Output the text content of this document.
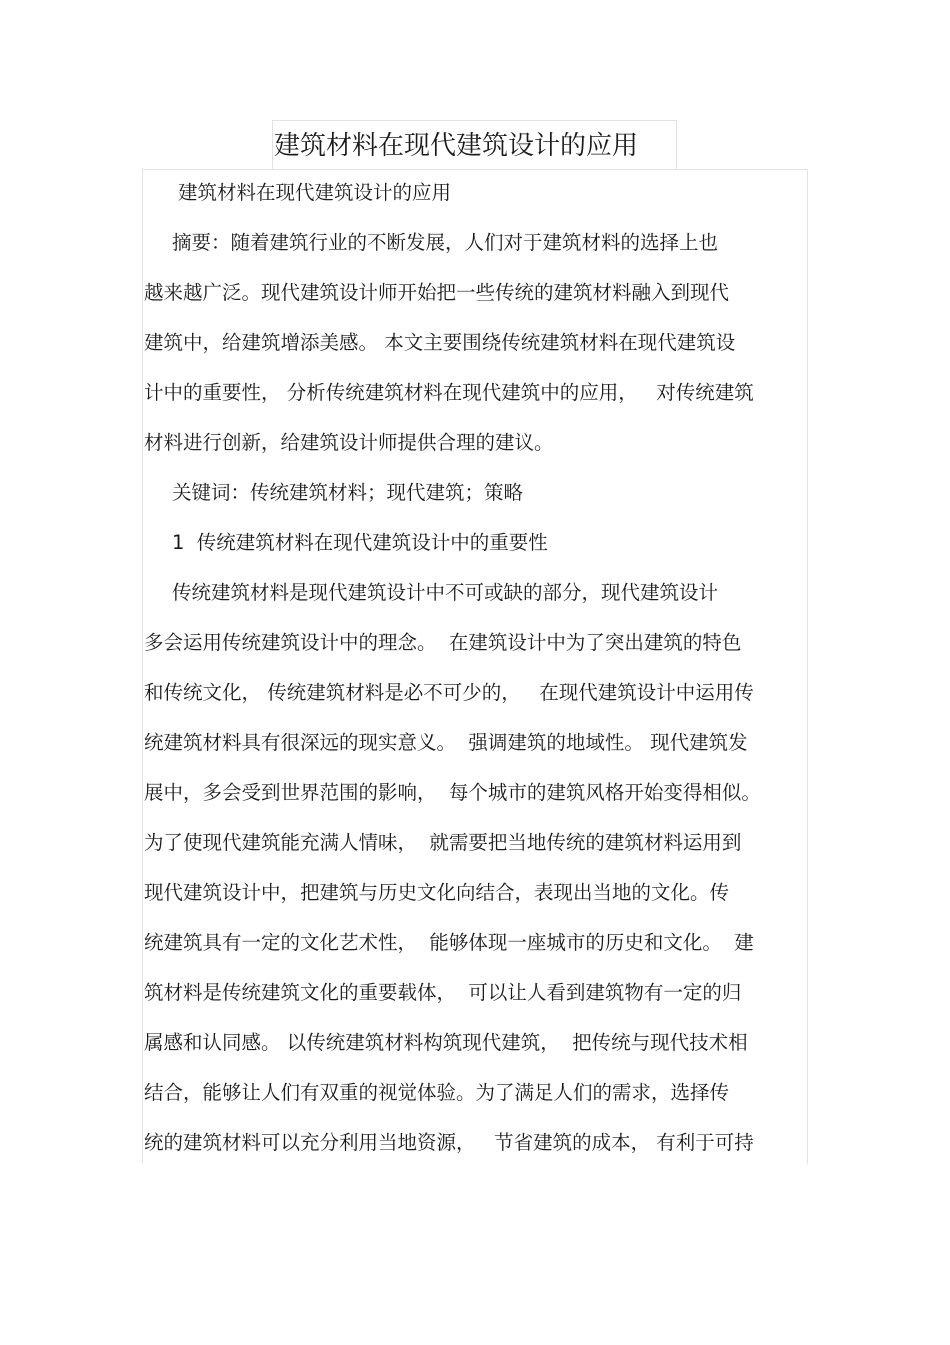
建筑材料在现代建筑设计的应用

建筑材料在现代建筑设计的应用

摘要：随着建筑行业的不断发展，人们对于建筑材料的选择上也

越来越广泛。现代建筑设计师开始把一些传统的建筑材料融入到现代

建筑中，给建筑增添美感。 本文主要围绕传统建筑材料在现代建筑设

计中的重要性， 分析传统建筑材料在现代建筑中的应用，   对传统建筑

材料进行创新，给建筑设计师提供合理的建议。

关键词：传统建筑材料；现代建筑；策略

1  传统建筑材料在现代建筑设计中的重要性

传统建筑材料是现代建筑设计中不可或缺的部分，现代建筑设计

多会运用传统建筑设计中的理念。  在建筑设计中为了突出建筑的特色

和传统文化， 传统建筑材料是必不可少的，   在现代建筑设计中运用传

统建筑材料具有很深远的现实意义。  强调建筑的地域性。 现代建筑发

展中，多会受到世界范围的影响，  每个城市的建筑风格开始变得相似。

为了使现代建筑能充满人情味，  就需要把当地传统的建筑材料运用到

现代建筑设计中，把建筑与历史文化向结合，表现出当地的文化。传

统建筑具有一定的文化艺术性，  能够体现一座城市的历史和文化。  建

筑材料是传统建筑文化的重要载体，  可以让人看到建筑物有一定的归

属感和认同感。 以传统建筑材料构筑现代建筑，  把传统与现代技术相

结合，能够让人们有双重的视觉体验。为了满足人们的需求，选择传

统的建筑材料可以充分利用当地资源，   节省建筑的成本， 有利于可持
